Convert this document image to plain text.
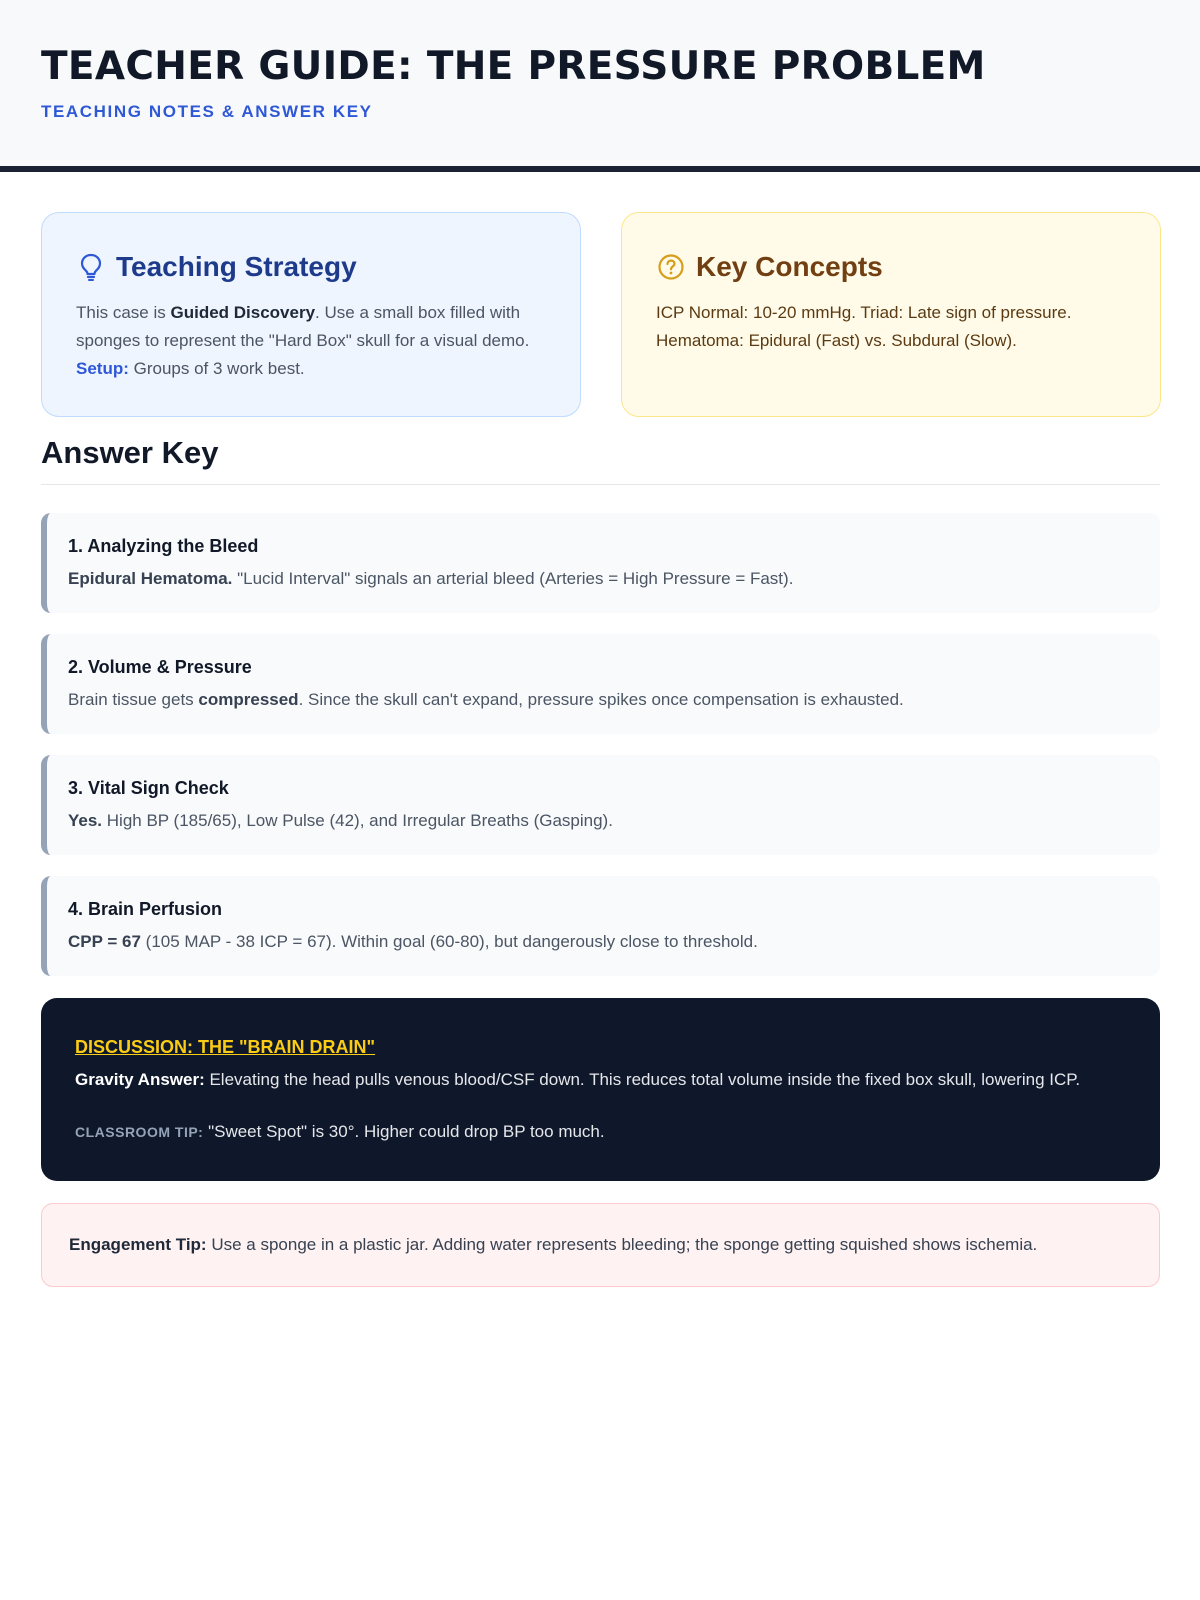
TEACHER GUIDE: THE PRESSURE PROBLEM
TEACHING NOTES & ANSWER KEY
Teaching Strategy

This case is Guided Discovery. Use a small box filled with sponges to represent the "Hard Box" skull for a visual demo. Setup: Groups of 3 work best.

Key Concepts

ICP Normal: 10-20 mmHg. Triad: Late sign of pressure.
Hematoma: Epidural (Fast) vs. Subdural (Slow).

Answer Key
1. Analyzing the Bleed

Epidural Hematoma. "Lucid Interval" signals an arterial bleed (Arteries = High Pressure = Fast).

2. Volume & Pressure

Brain tissue gets compressed. Since the skull can't expand, pressure spikes once compensation is exhausted.

3. Vital Sign Check

Yes. High BP (185/65), Low Pulse (42), and Irregular Breaths (Gasping).

4. Brain Perfusion

CPP = 67 (105 MAP - 38 ICP = 67). Within goal (60-80), but dangerously close to threshold.

DISCUSSION: THE "BRAIN DRAIN"
Gravity Answer: Elevating the head pulls venous blood/CSF down. This reduces total volume inside the fixed box skull, lowering ICP.
CLASSROOM TIP: "Sweet Spot" is 30°. Higher could drop BP too much.

Engagement Tip: Use a sponge in a plastic jar. Adding water represents bleeding; the sponge getting squished shows ischemia.
